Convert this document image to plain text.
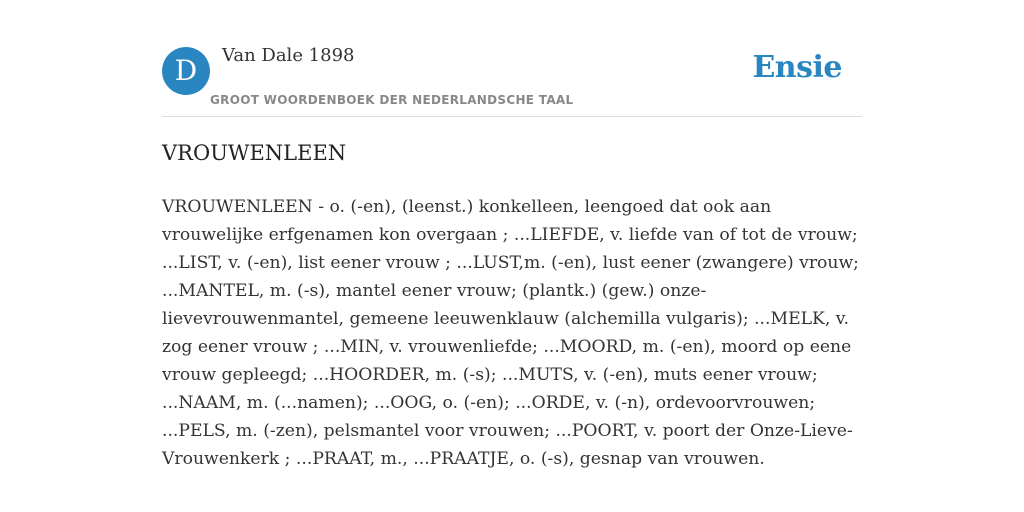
D	Van Dale 1898
GROOT WOORDENBOEK DER NEDERLANDSCHE TAAL
Ensie
VROUWENLEEN

VROUWENLEEN - o. (-en), (leenst.) konkelleen, leengoed dat ook aan vrouwelijke erfgenamen kon overgaan ; ...LIEFDE, v. liefde van of tot de vrouw; ...LIST, v. (-en), list eener vrouw ; ...LUST,m. (-en), lust eener (zwangere) vrouw; ...MANTEL, m. (-s), mantel eener vrouw; (plantk.) (gew.) onze-lievevrouwenmantel, gemeene leeuwenklauw (alchemilla vulgaris); ...MELK, v. zog eener vrouw ; ...MIN, v. vrouwenliefde; ...MOORD, m. (-en), moord op eene vrouw gepleegd; ...HOORDER, m. (-s); ...MUTS, v. (-en), muts eener vrouw; ...NAAM, m. (...namen); ...OOG, o. (-en); ...ORDE, v. (-n), ordevoorvrouwen; ...PELS, m. (-zen), pelsmantel voor vrouwen; ...POORT, v. poort der Onze-Lieve-Vrouwenkerk ; ...PRAAT, m., ...PRAATJE, o. (-s), gesnap van vrouwen.
